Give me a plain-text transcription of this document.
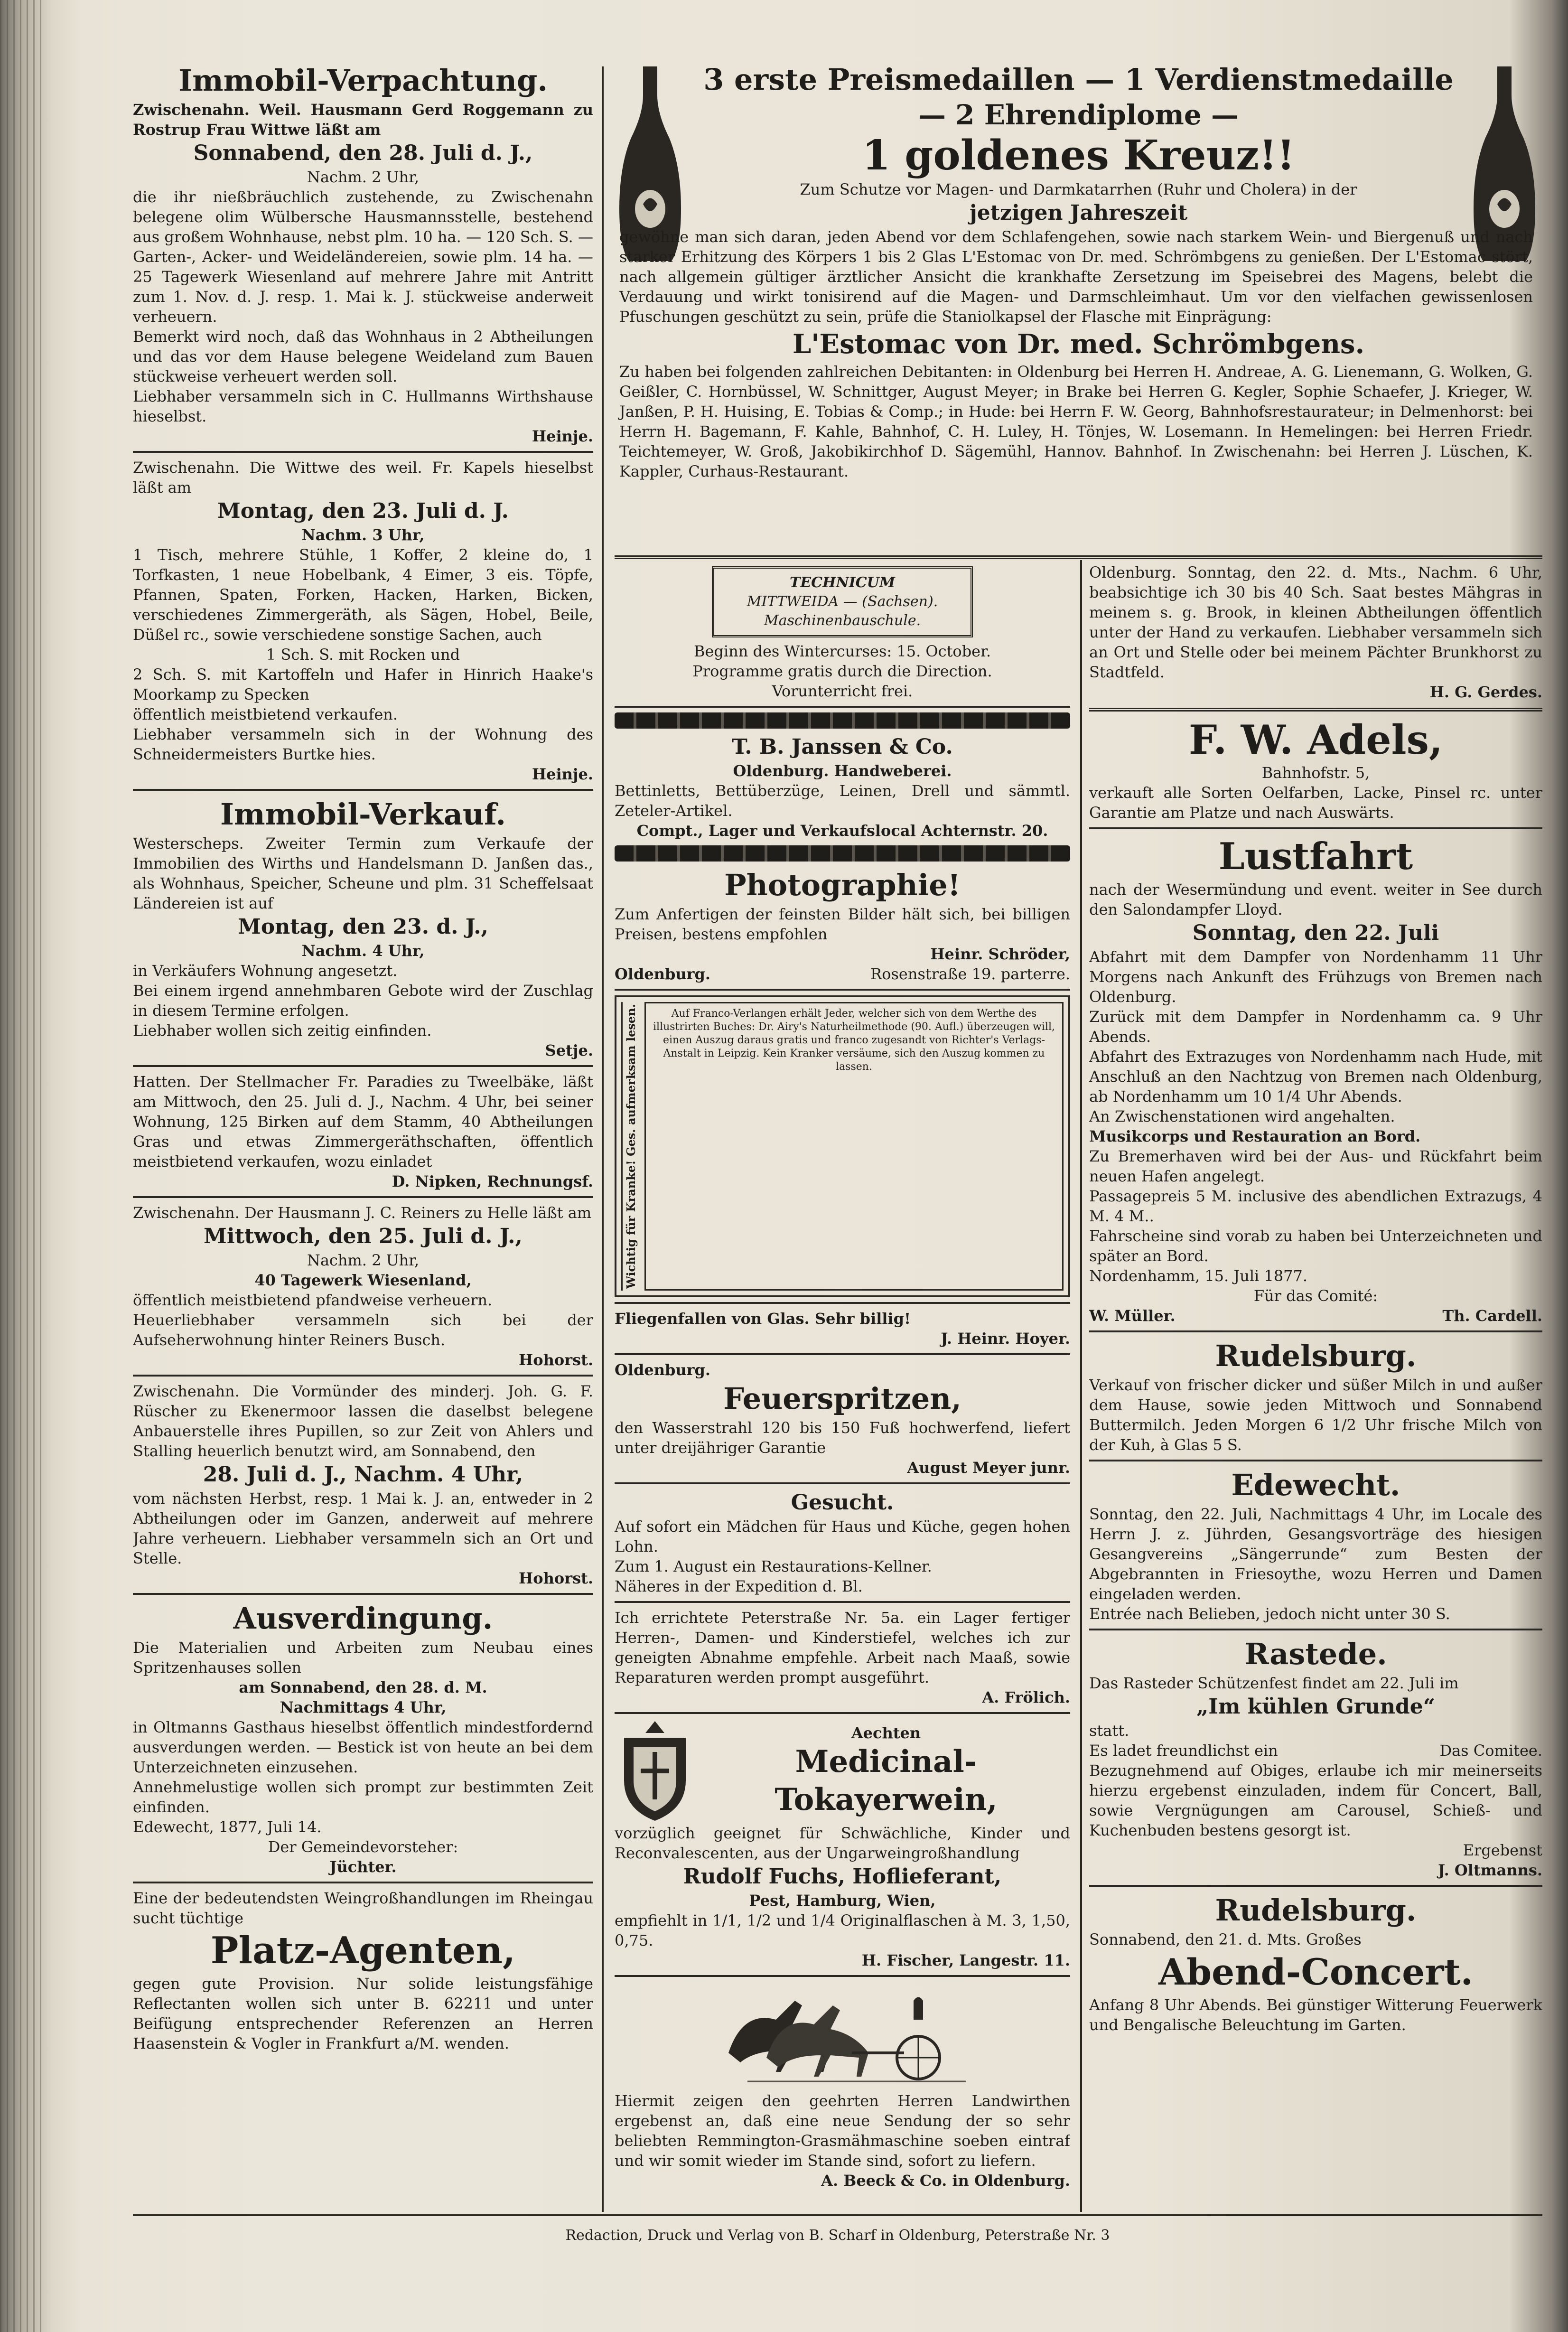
Immobil-Verpachtung.

Zwischenahn. Weil. Hausmann Gerd Roggemann zu Rostrup Frau Wittwe läßt am

Sonnabend, den 28. Juli d. J.,

Nachm. 2 Uhr,

die ihr nießbräuchlich zustehende, zu Zwischenahn belegene olim Wülbersche Hausmannsstelle, bestehend aus großem Wohnhause, nebst plm. 10 ha. — 120 Sch. S. — Garten-, Acker- und Weideländereien, sowie plm. 14 ha. — 25 Tagewerk Wiesenland auf mehrere Jahre mit Antritt zum 1. Nov. d. J. resp. 1. Mai k. J. stückweise anderweit verheuern.

Bemerkt wird noch, daß das Wohnhaus in 2 Abtheilungen und das vor dem Hause belegene Weideland zum Bauen stückweise verheuert werden soll.

Liebhaber versammeln sich in C. Hullmanns Wirthshause hieselbst.

Heinje.

Zwischenahn. Die Wittwe des weil. Fr. Kapels hieselbst läßt am

Montag, den 23. Juli d. J.

Nachm. 3 Uhr,

1 Tisch, mehrere Stühle, 1 Koffer, 2 kleine do, 1 Torfkasten, 1 neue Hobelbank, 4 Eimer, 3 eis. Töpfe, Pfannen, Spaten, Forken, Hacken, Harken, Bicken, verschiedenes Zimmergeräth, als Sägen, Hobel, Beile, Düßel rc., sowie verschiedene sonstige Sachen, auch

1 Sch. S. mit Rocken und

2 Sch. S. mit Kartoffeln und Hafer in Hinrich Haake's Moorkamp zu Specken

öffentlich meistbietend verkaufen.

Liebhaber versammeln sich in der Wohnung des Schneidermeisters Burtke hies.

Heinje.

Immobil-Verkauf.

Westerscheps. Zweiter Termin zum Verkaufe der Immobilien des Wirths und Handelsmann D. Janßen das., als Wohnhaus, Speicher, Scheune und plm. 31 Scheffelsaat Ländereien ist auf

Montag, den 23. d. J.,

Nachm. 4 Uhr,

in Verkäufers Wohnung angesetzt.

Bei einem irgend annehmbaren Gebote wird der Zuschlag in diesem Termine erfolgen.

Liebhaber wollen sich zeitig einfinden.

Setje.

Hatten. Der Stellmacher Fr. Paradies zu Tweelbäke, läßt am Mittwoch, den 25. Juli d. J., Nachm. 4 Uhr, bei seiner Wohnung, 125 Birken auf dem Stamm, 40 Abtheilungen Gras und etwas Zimmergeräthschaften, öffentlich meistbietend verkaufen, wozu einladet

D. Nipken, Rechnungsf.

Zwischenahn. Der Hausmann J. C. Reiners zu Helle läßt am

Mittwoch, den 25. Juli d. J.,

Nachm. 2 Uhr,

40 Tagewerk Wiesenland,

öffentlich meistbietend pfandweise verheuern.

Heuerliebhaber versammeln sich bei der Aufseherwohnung hinter Reiners Busch.

Hohorst.

Zwischenahn. Die Vormünder des minderj. Joh. G. F. Rüscher zu Ekenermoor lassen die daselbst belegene Anbauerstelle ihres Pupillen, so zur Zeit von Ahlers und Stalling heuerlich benutzt wird, am Sonnabend, den

28. Juli d. J., Nachm. 4 Uhr,

vom nächsten Herbst, resp. 1 Mai k. J. an, entweder in 2 Abtheilungen oder im Ganzen, anderweit auf mehrere Jahre verheuern. Liebhaber versammeln sich an Ort und Stelle.

Hohorst.

Ausverdingung.

Die Materialien und Arbeiten zum Neubau eines Spritzenhauses sollen

am Sonnabend, den 28. d. M.

Nachmittags 4 Uhr,

in Oltmanns Gasthaus hieselbst öffentlich mindestfordernd ausverdungen werden. — Bestick ist von heute an bei dem Unterzeichneten einzusehen.

Annehmelustige wollen sich prompt zur bestimmten Zeit einfinden.

Edewecht, 1877, Juli 14.

Der Gemeindevorsteher:

Jüchter.

Eine der bedeutendsten Weingroßhandlungen im Rheingau sucht tüchtige

Platz-Agenten,

gegen gute Provision. Nur solide leistungsfähige Reflectanten wollen sich unter B. 62211 und unter Beifügung entsprechender Referenzen an Herren Haasenstein & Vogler in Frankfurt a/M. wenden.

3 erste Preismedaillen — 1 Verdienstmedaille

— 2 Ehrendiplome —

1 goldenes Kreuz!!

Zum Schutze vor Magen- und Darmkatarrhen (Ruhr und Cholera) in der

jetzigen Jahreszeit

gewöhne man sich daran, jeden Abend vor dem Schlafengehen, sowie nach starkem Wein- und Biergenuß und nach starker Erhitzung des Körpers 1 bis 2 Glas L'Estomac von Dr. med. Schrömbgens zu genießen. Der L'Estomac stört, nach allgemein gültiger ärztlicher Ansicht die krankhafte Zersetzung im Speisebrei des Magens, belebt die Verdauung und wirkt tonisirend auf die Magen- und Darmschleimhaut. Um vor den vielfachen gewissenlosen Pfuschungen geschützt zu sein, prüfe die Staniolkapsel der Flasche mit Einprägung:

L'Estomac von Dr. med. Schrömbgens.

Zu haben bei folgenden zahlreichen Debitanten: in Oldenburg bei Herren H. Andreae, A. G. Lienemann, G. Wolken, G. Geißler, C. Hornbüssel, W. Schnittger, August Meyer; in Brake bei Herren G. Kegler, Sophie Schaefer, J. Krieger, W. Janßen, P. H. Huising, E. Tobias & Comp.; in Hude: bei Herrn F. W. Georg, Bahnhofsrestaurateur; in Delmenhorst: bei Herrn H. Bagemann, F. Kahle, Bahnhof, C. H. Luley, H. Tönjes, W. Losemann. In Hemelingen: bei Herren Friedr. Teichtemeyer, W. Groß, Jakobikirchhof D. Sägemühl, Hannov. Bahnhof. In Zwischenahn: bei Herren J. Lüschen, K. Kappler, Curhaus-Restaurant.

TECHNICUM

MITTWEIDA — (Sachsen).

Maschinenbauschule.

Beginn des Wintercurses: 15. October.

Programme gratis durch die Direction.

Vorunterricht frei.

T. B. Janssen & Co.

Oldenburg. Handweberei.

Bettinletts, Bettüberzüge, Leinen, Drell und sämmtl. Zeteler-Artikel.

Compt., Lager und Verkaufslocal Achternstr. 20.

Photographie!

Zum Anfertigen der feinsten Bilder hält sich, bei billigen Preisen, bestens empfohlen

Heinr. Schröder,

Oldenburg.	Rosenstraße 19. parterre.
Wichtig für Kranke! Ges. aufmerksam lesen.	Auf Franco-Verlangen erhält Jeder, welcher sich von dem Werthe des illustrirten Buches: Dr. Airy's Naturheilmethode (90. Aufl.) überzeugen will, einen Auszug daraus gratis und franco zugesandt von Richter's Verlags-Anstalt in Leipzig. Kein Kranker versäume, sich den Auszug kommen zu lassen.

Fliegenfallen von Glas. Sehr billig!

J. Heinr. Hoyer.

Oldenburg.

Feuerspritzen,

den Wasserstrahl 120 bis 150 Fuß hochwerfend, liefert unter dreijähriger Garantie

August Meyer junr.

Gesucht.

Auf sofort ein Mädchen für Haus und Küche, gegen hohen Lohn.

Zum 1. August ein Restaurations-Kellner.

Näheres in der Expedition d. Bl.

Ich errichtete Peterstraße Nr. 5a. ein Lager fertiger Herren-, Damen- und Kinderstiefel, welches ich zur geneigten Abnahme empfehle. Arbeit nach Maaß, sowie Reparaturen werden prompt ausgeführt.

A. Frölich.

Aechten

Medicinal-

Tokayerwein,

vorzüglich geeignet für Schwächliche, Kinder und Reconvalescenten, aus der Ungarweingroßhandlung

Rudolf Fuchs, Hoflieferant,

Pest, Hamburg, Wien,

empfiehlt in 1/1, 1/2 und 1/4 Originalflaschen à M. 3, 1,50, 0,75.

H. Fischer, Langestr. 11.

Hiermit zeigen den geehrten Herren Landwirthen ergebenst an, daß eine neue Sendung der so sehr beliebten Remmington-Grasmähmaschine soeben eintraf und wir somit wieder im Stande sind, sofort zu liefern.

A. Beeck & Co. in Oldenburg.

Oldenburg. Sonntag, den 22. d. Mts., Nachm. 6 Uhr, beabsichtige ich 30 bis 40 Sch. Saat bestes Mähgras in meinem s. g. Brook, in kleinen Abtheilungen öffentlich unter der Hand zu verkaufen. Liebhaber versammeln sich an Ort und Stelle oder bei meinem Pächter Brunkhorst zu Stadtfeld.

H. G. Gerdes.

F. W. Adels,

Bahnhofstr. 5,

verkauft alle Sorten Oelfarben, Lacke, Pinsel rc. unter Garantie am Platze und nach Auswärts.

Lustfahrt

nach der Wesermündung und event. weiter in See durch den Salondampfer Lloyd.

Sonntag, den 22. Juli

Abfahrt mit dem Dampfer von Nordenhamm 11 Uhr Morgens nach Ankunft des Frühzugs von Bremen nach Oldenburg.

Zurück mit dem Dampfer in Nordenhamm ca. 9 Uhr Abends.

Abfahrt des Extrazuges von Nordenhamm nach Hude, mit Anschluß an den Nachtzug von Bremen nach Oldenburg, ab Nordenhamm um 10 1/4 Uhr Abends.

An Zwischenstationen wird angehalten.

Musikcorps und Restauration an Bord.

Zu Bremerhaven wird bei der Aus- und Rückfahrt beim neuen Hafen angelegt.

Passagepreis 5 M. inclusive des abendlichen Extrazugs, 4 M. 4 M..

Fahrscheine sind vorab zu haben bei Unterzeichneten und später an Bord.

Nordenhamm, 15. Juli 1877.

Für das Comité:

W. Müller.	Th. Cardell.

Rudelsburg.

Verkauf von frischer dicker und süßer Milch in und außer dem Hause, sowie jeden Mittwoch und Sonnabend Buttermilch. Jeden Morgen 6 1/2 Uhr frische Milch von der Kuh, à Glas 5 S.

Edewecht.

Sonntag, den 22. Juli, Nachmittags 4 Uhr, im Locale des Herrn J. z. Jührden, Gesangsvorträge des hiesigen Gesangvereins „Sängerrunde“ zum Besten der Abgebrannten in Friesoythe, wozu Herren und Damen eingeladen werden.

Entrée nach Belieben, jedoch nicht unter 30 S.

Rastede.

Das Rasteder Schützenfest findet am 22. Juli im

„Im kühlen Grunde“

statt.

Es ladet freundlichst ein	Das Comitee.

Bezugnehmend auf Obiges, erlaube ich mir meinerseits hierzu ergebenst einzuladen, indem für Concert, Ball, sowie Vergnügungen am Carousel, Schieß- und Kuchenbuden bestens gesorgt ist.

Ergebenst

J. Oltmanns.

Rudelsburg.

Sonnabend, den 21. d. Mts. Großes

Abend-Concert.

Anfang 8 Uhr Abends. Bei günstiger Witterung Feuerwerk und Bengalische Beleuchtung im Garten.

Redaction, Druck und Verlag von B. Scharf in Oldenburg, Peterstraße Nr. 3
